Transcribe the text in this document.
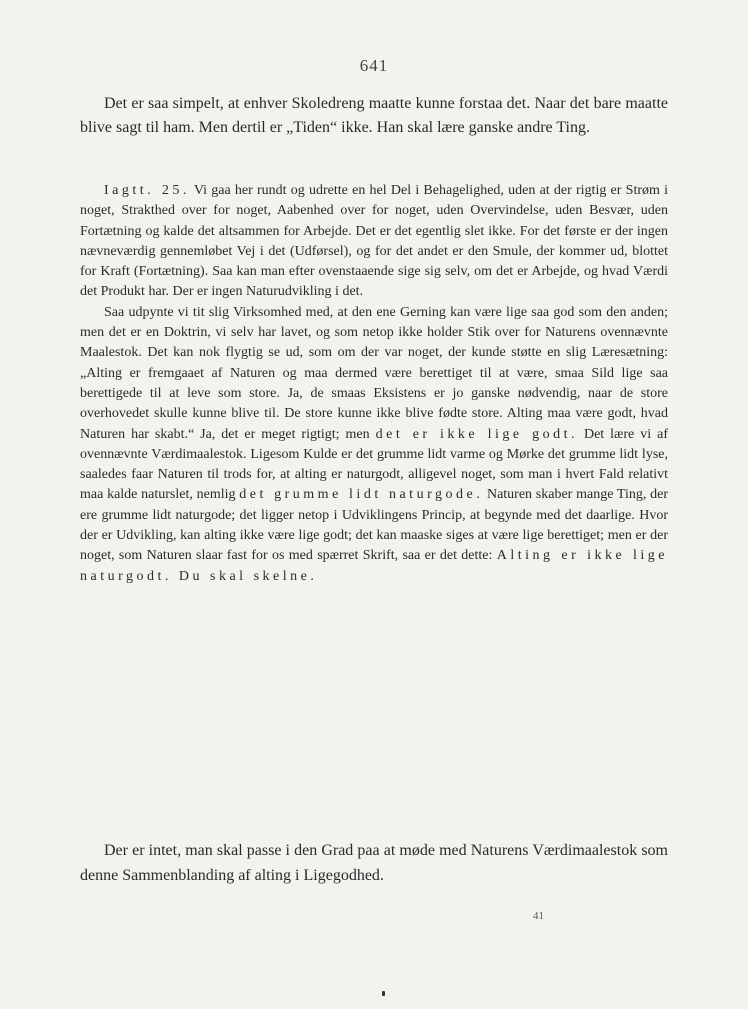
641

Det er saa simpelt, at enhver Skoledreng maatte kunne forstaa det. Naar det bare maatte blive sagt til ham. Men dertil er „Tiden“ ikke. Han skal lære ganske andre Ting.

Iagtt. 25. Vi gaa her rundt og udrette en hel Del i Behagelighed, uden at der rigtig er Strøm i noget, Strakthed over for noget, Aabenhed over for noget, uden Overvindelse, uden Besvær, uden Fortætning og kalde det altsammen for Arbejde. Det er det egentlig slet ikke. For det første er der ingen nævneværdig gennemløbet Vej i det (Udførsel), og for det andet er den Smule, der kommer ud, blottet for Kraft (Fortætning). Saa kan man efter ovenstaaende sige sig selv, om det er Arbejde, og hvad Værdi det Produkt har. Der er ingen Naturudvikling i det.

Saa udpynte vi tit slig Virksomhed med, at den ene Gerning kan være lige saa god som den anden; men det er en Doktrin, vi selv har lavet, og som netop ikke holder Stik over for Naturens ovennævnte Maalestok. Det kan nok flygtig se ud, som om der var noget, der kunde støtte en slig Læresætning: „Alting er fremgaaet af Naturen og maa dermed være berettiget til at være, smaa Sild lige saa berettigede til at leve som store. Ja, de smaas Eksistens er jo ganske nødvendig, naar de store overhovedet skulle kunne blive til. De store kunne ikke blive fødte store. Alting maa være godt, hvad Naturen har skabt.“ Ja, det er meget rigtigt; men det er ikke lige godt. Det lære vi af ovennævnte Værdimaalestok. Ligesom Kulde er det grumme lidt varme og Mørke det grumme lidt lyse, saaledes faar Naturen til trods for, at alting er naturgodt, alligevel noget, som man i hvert Fald relativt maa kalde naturslet, nemlig det grumme lidt naturgode. Naturen skaber mange Ting, der ere grumme lidt naturgode; det ligger netop i Udviklingens Princip, at begynde med det daarlige. Hvor der er Udvikling, kan alting ikke være lige godt; det kan maaske siges at være lige berettiget; men er der noget, som Naturen slaar fast for os med spærret Skrift, saa er det dette: Alting er ikke lige naturgodt. Du skal skelne.

Der er intet, man skal passe i den Grad paa at møde med Naturens Værdimaalestok som denne Sammenblanding af alting i Ligegodhed.

41
